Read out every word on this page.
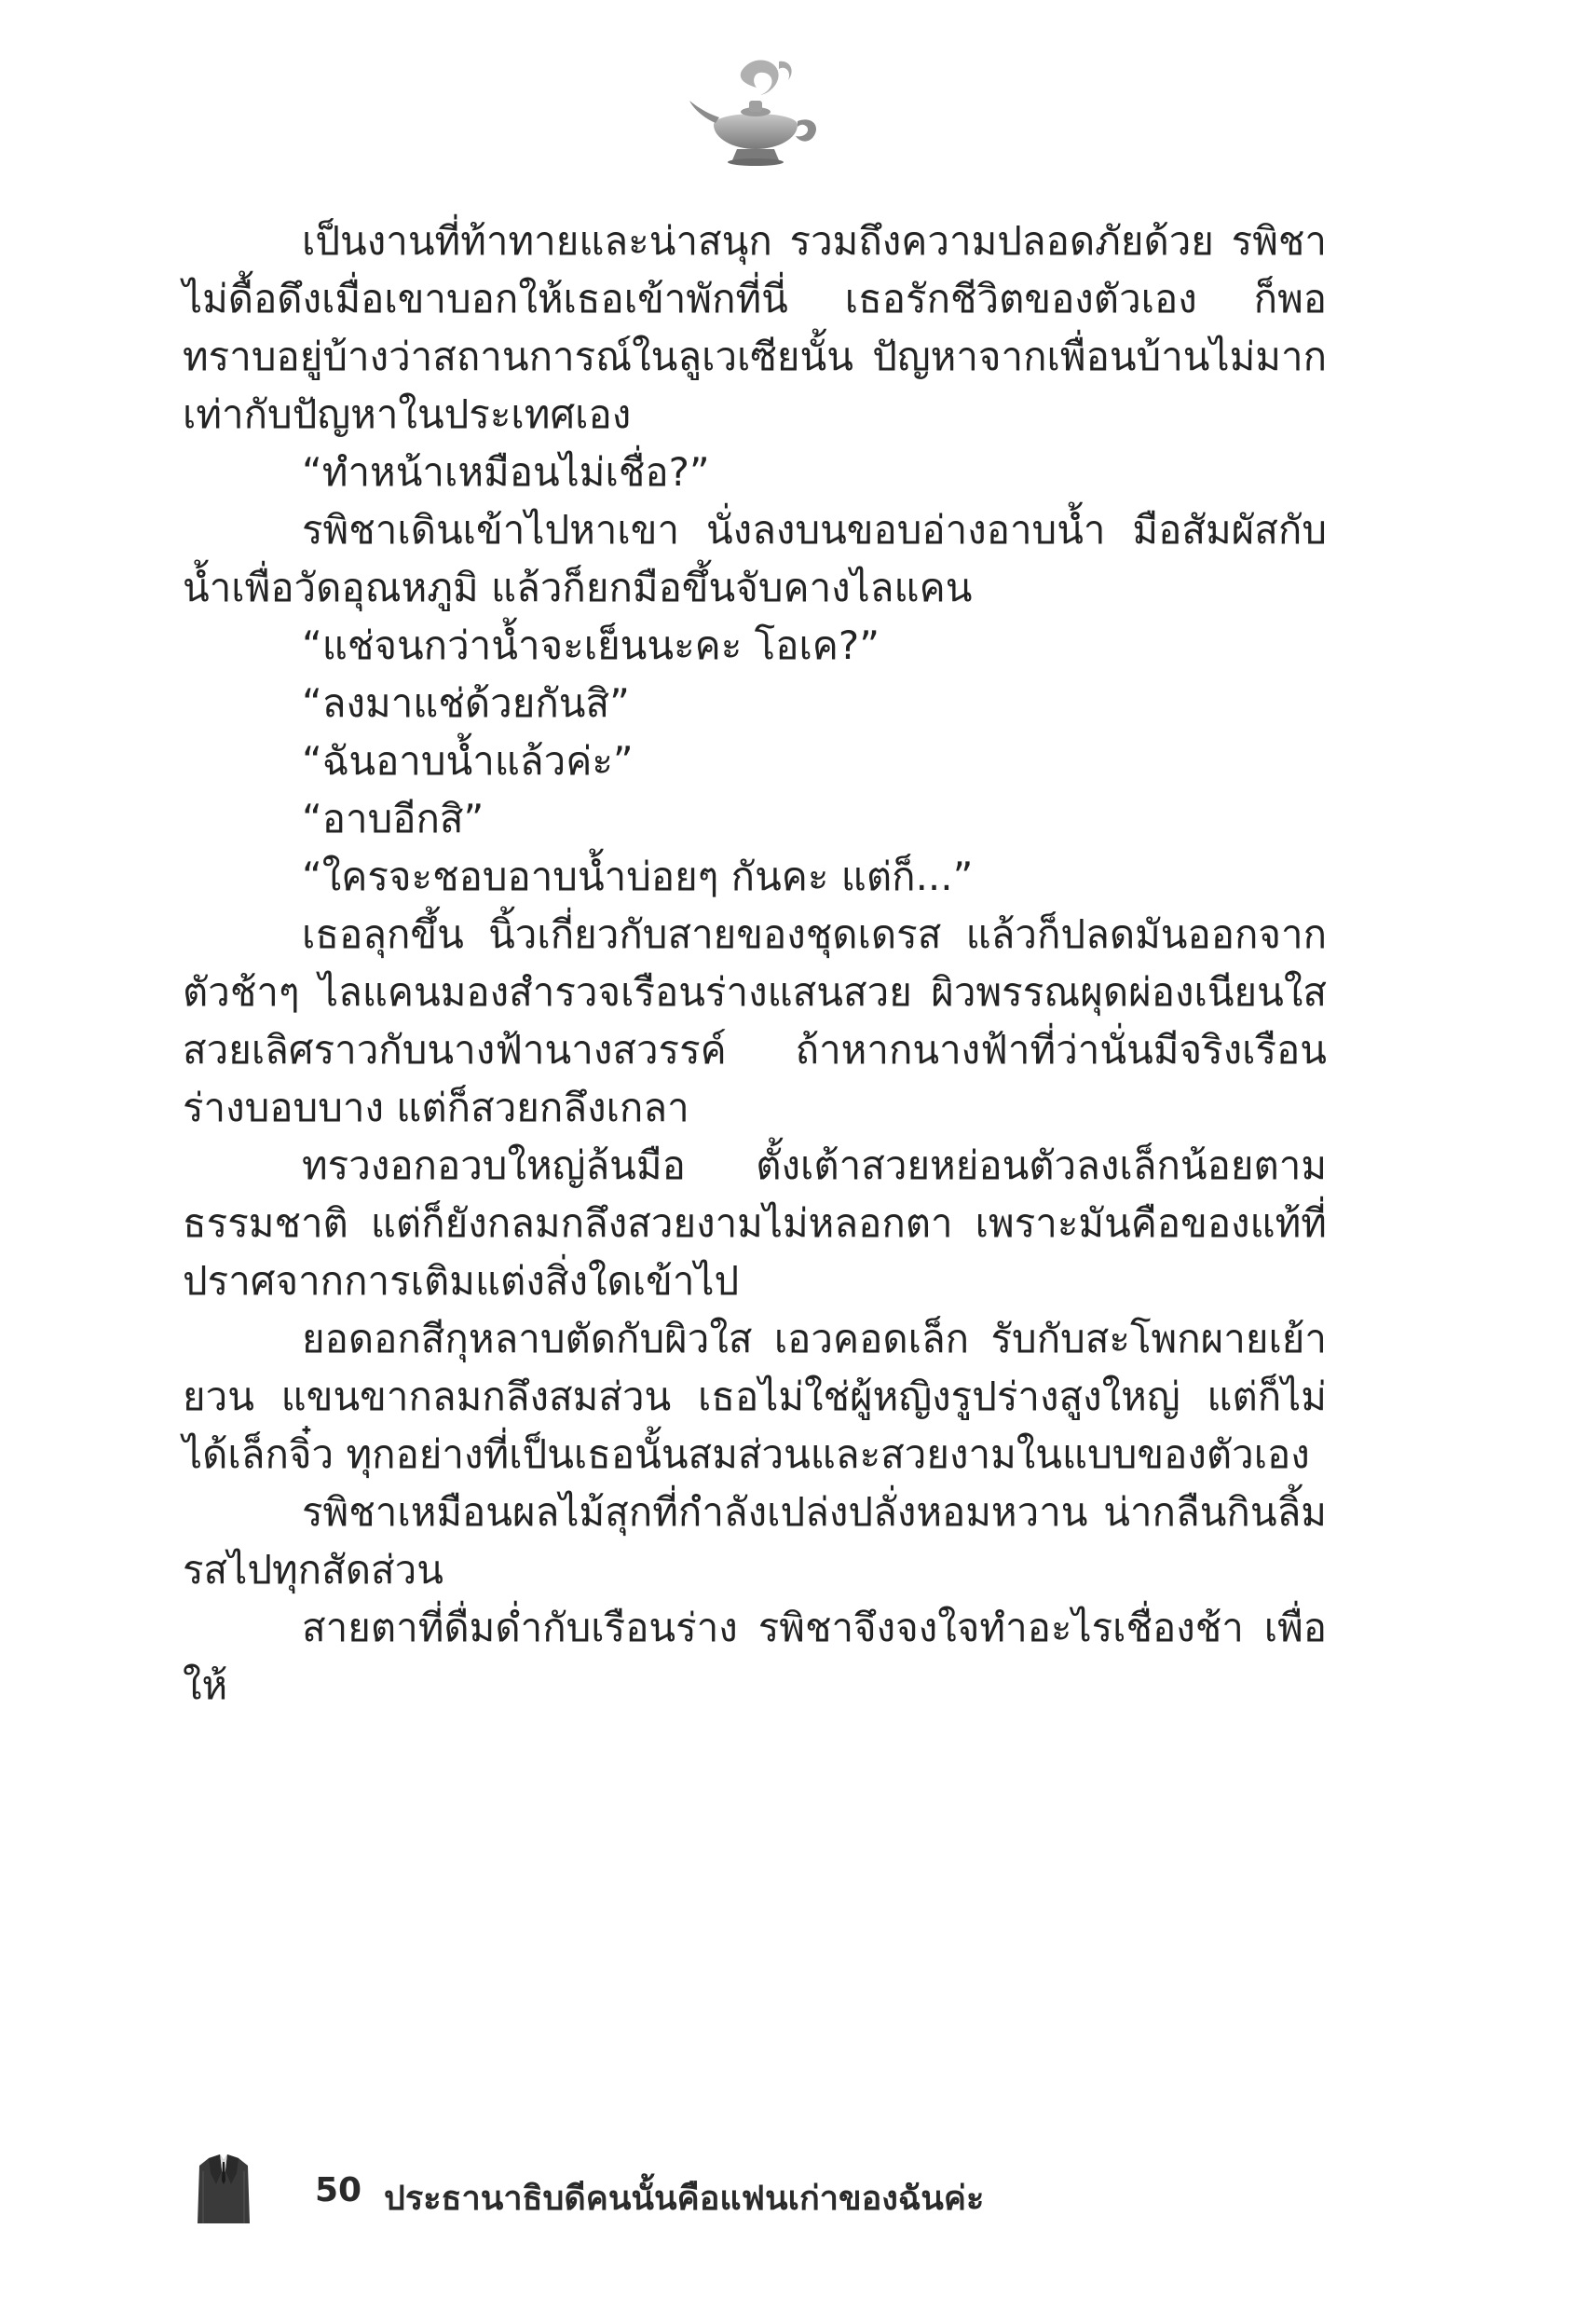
เป็นงานที่ท้าทายและน่าสนุก รวมถึงความปลอดภัยด้วย รพิชาไม่ดื้อดึงเมื่อเขาบอกให้เธอเข้าพักที่นี่ เธอรักชีวิตของตัวเอง ก็พอทราบอยู่บ้างว่าสถานการณ์ในลูเวเซียนั้น ปัญหาจากเพื่อนบ้านไม่มากเท่ากับปัญหาในประเทศเอง

“ทำหน้าเหมือนไม่เชื่อ?”

รพิชาเดินเข้าไปหาเขา นั่งลงบนขอบอ่างอาบน้ำ มือสัมผัสกับน้ำเพื่อวัดอุณหภูมิ แล้วก็ยกมือขึ้นจับคางไลแคน

“แช่จนกว่าน้ำจะเย็นนะคะ โอเค?”

“ลงมาแช่ด้วยกันสิ”

“ฉันอาบน้ำแล้วค่ะ”

“อาบอีกสิ”

“ใครจะชอบอาบน้ำบ่อยๆ กันคะ แต่ก็...”

เธอลุกขึ้น นิ้วเกี่ยวกับสายของชุดเดรส แล้วก็ปลดมันออกจากตัวช้าๆ ไลแคนมองสำรวจเรือนร่างแสนสวย ผิวพรรณผุดผ่องเนียนใส สวยเลิศราวกับนางฟ้านางสวรรค์ ถ้าหากนางฟ้าที่ว่านั่นมีจริงเรือนร่างบอบบาง แต่ก็สวยกลึงเกลา

ทรวงอกอวบใหญ่ล้นมือ ตั้งเต้าสวยหย่อนตัวลงเล็กน้อยตามธรรมชาติ แต่ก็ยังกลมกลึงสวยงามไม่หลอกตา เพราะมันคือของแท้ที่ปราศจากการเติมแต่งสิ่งใดเข้าไป

ยอดอกสีกุหลาบตัดกับผิวใส เอวคอดเล็ก รับกับสะโพกผายเย้ายวน แขนขากลมกลึงสมส่วน เธอไม่ใช่ผู้หญิงรูปร่างสูงใหญ่ แต่ก็ไม่ได้เล็กจิ๋ว ทุกอย่างที่เป็นเธอนั้นสมส่วนและสวยงามในแบบของตัวเอง

รพิชาเหมือนผลไม้สุกที่กำลังเปล่งปลั่งหอมหวาน น่ากลืนกินลิ้มรสไปทุกสัดส่วน

สายตาที่ดื่มด่ำกับเรือนร่าง รพิชาจึงจงใจทำอะไรเชื่องช้า เพื่อให้

50 ประธานาธิบดีคนนั้นคือแฟนเก่าของฉันค่ะ
